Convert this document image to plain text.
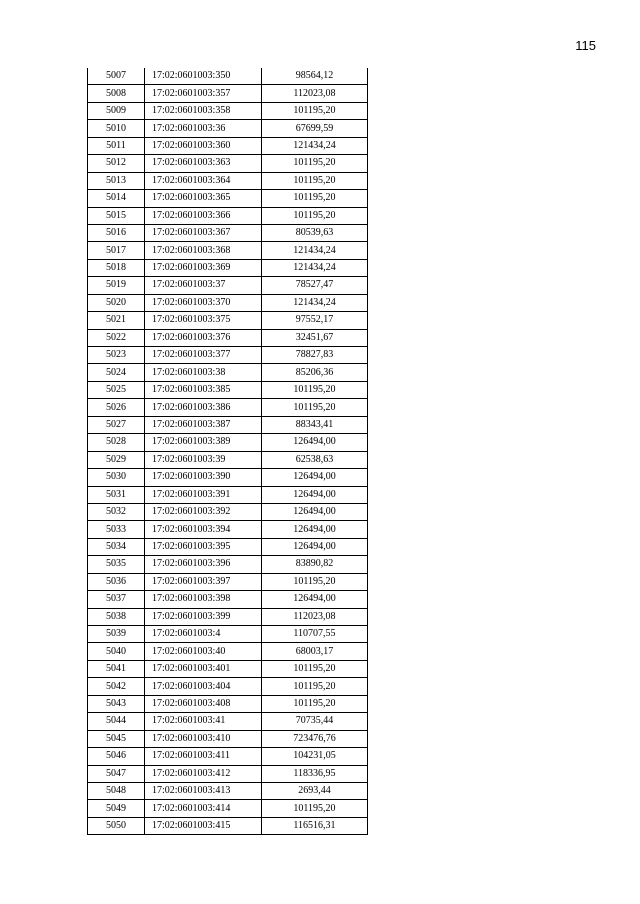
115
5007	17:02:0601003:350	98564,12
5008	17:02:0601003:357	112023,08
5009	17:02:0601003:358	101195,20
5010	17:02:0601003:36	67699,59
5011	17:02:0601003:360	121434,24
5012	17:02:0601003:363	101195,20
5013	17:02:0601003:364	101195,20
5014	17:02:0601003:365	101195,20
5015	17:02:0601003:366	101195,20
5016	17:02:0601003:367	80539,63
5017	17:02:0601003:368	121434,24
5018	17:02:0601003:369	121434,24
5019	17:02:0601003:37	78527,47
5020	17:02:0601003:370	121434,24
5021	17:02:0601003:375	97552,17
5022	17:02:0601003:376	32451,67
5023	17:02:0601003:377	78827,83
5024	17:02:0601003:38	85206,36
5025	17:02:0601003:385	101195,20
5026	17:02:0601003:386	101195,20
5027	17:02:0601003:387	88343,41
5028	17:02:0601003:389	126494,00
5029	17:02:0601003:39	62538,63
5030	17:02:0601003:390	126494,00
5031	17:02:0601003:391	126494,00
5032	17:02:0601003:392	126494,00
5033	17:02:0601003:394	126494,00
5034	17:02:0601003:395	126494,00
5035	17:02:0601003:396	83890,82
5036	17:02:0601003:397	101195,20
5037	17:02:0601003:398	126494,00
5038	17:02:0601003:399	112023,08
5039	17:02:0601003:4	110707,55
5040	17:02:0601003:40	68003,17
5041	17:02:0601003:401	101195,20
5042	17:02:0601003:404	101195,20
5043	17:02:0601003:408	101195,20
5044	17:02:0601003:41	70735,44
5045	17:02:0601003:410	723476,76
5046	17:02:0601003:411	104231,05
5047	17:02:0601003:412	118336,95
5048	17:02:0601003:413	2693,44
5049	17:02:0601003:414	101195,20
5050	17:02:0601003:415	116516,31
